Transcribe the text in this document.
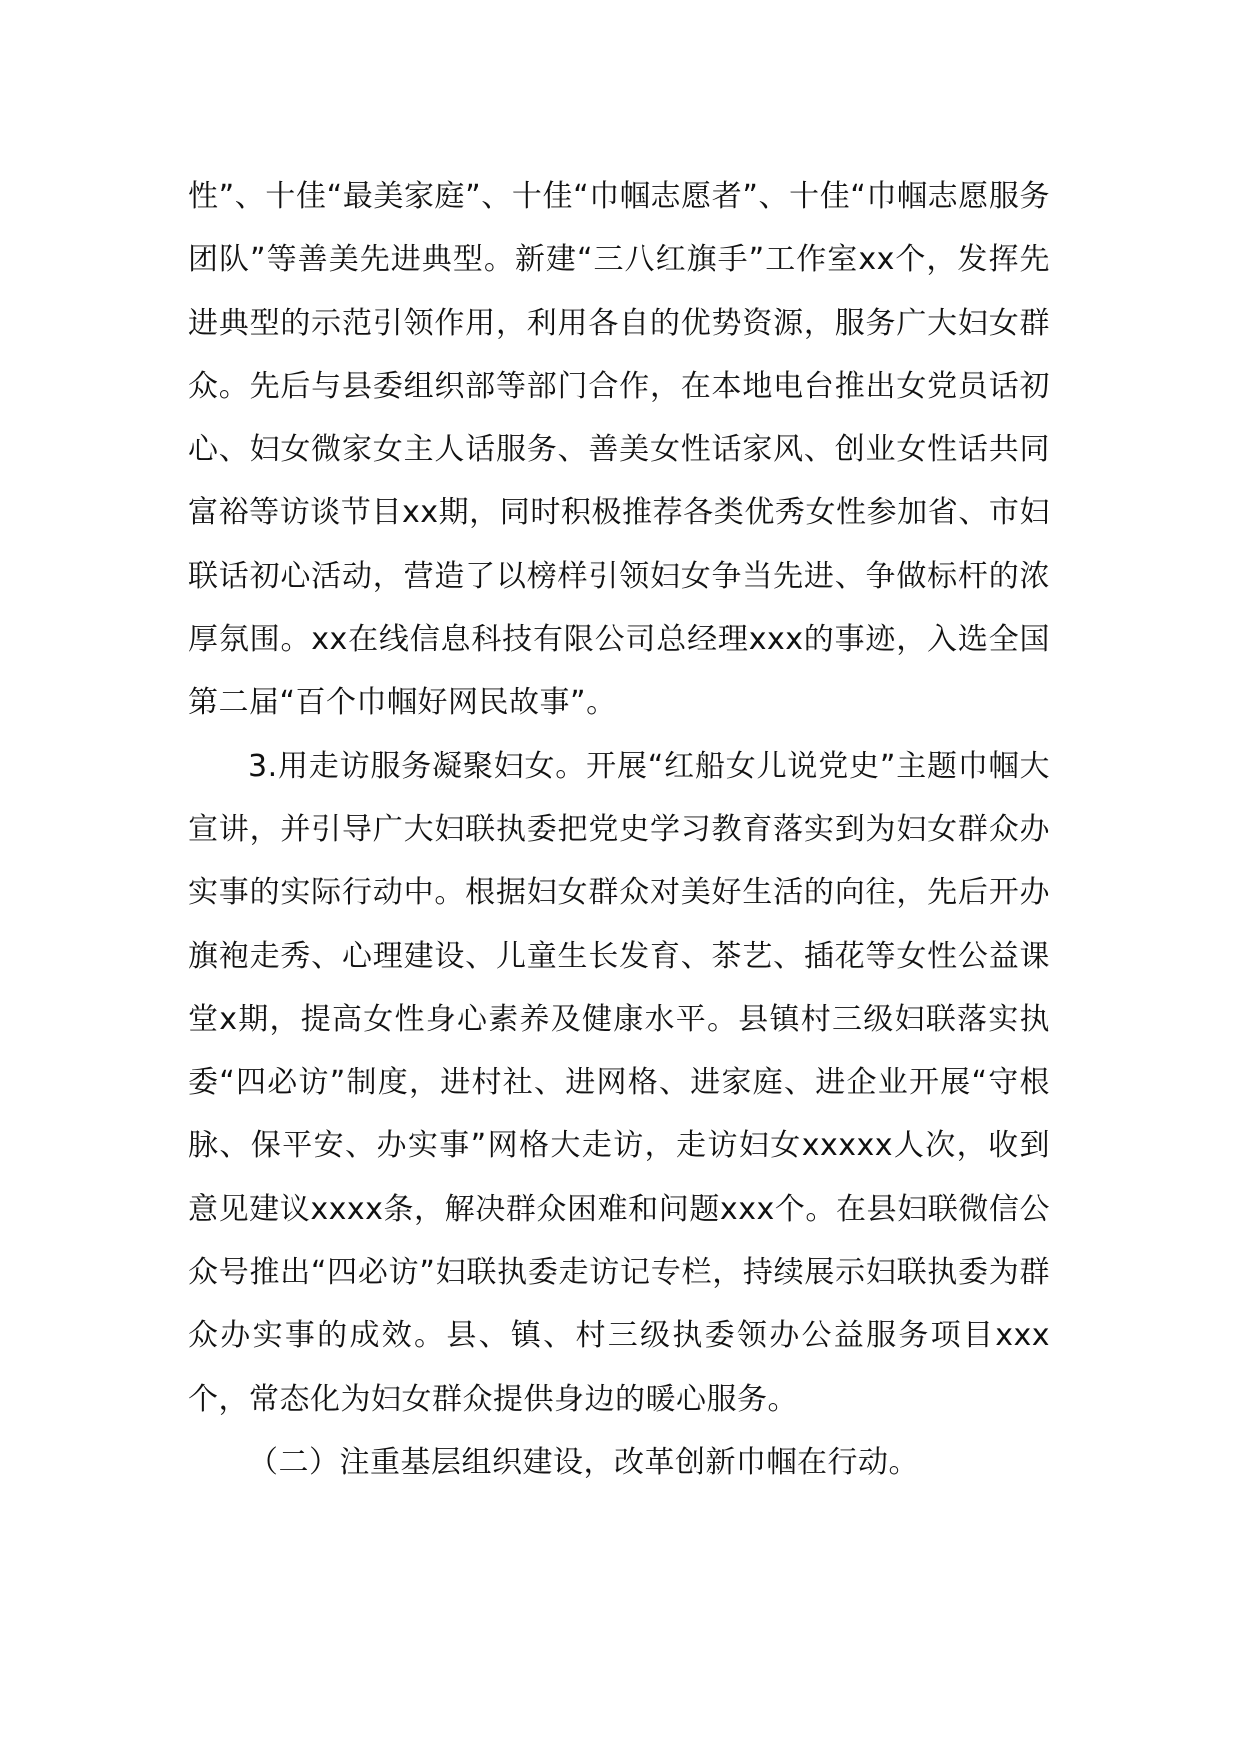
性”、十佳“最美家庭”、十佳“巾帼志愿者”、十佳“巾帼志愿服务团队”等善美先进典型。新建“三八红旗手”工作室xx个，发挥先进典型的示范引领作用，利用各自的优势资源，服务广大妇女群众。先后与县委组织部等部门合作，在本地电台推出女党员话初心、妇女微家女主人话服务、善美女性话家风、创业女性话共同富裕等访谈节目xx期，同时积极推荐各类优秀女性参加省、市妇联话初心活动，营造了以榜样引领妇女争当先进、争做标杆的浓厚氛围。xx在线信息科技有限公司总经理xxx的事迹，入选全国第二届“百个巾帼好网民故事”。

3.用走访服务凝聚妇女。开展“红船女儿说党史”主题巾帼大宣讲，并引导广大妇联执委把党史学习教育落实到为妇女群众办实事的实际行动中。根据妇女群众对美好生活的向往，先后开办旗袍走秀、心理建设、儿童生长发育、茶艺、插花等女性公益课堂x期，提高女性身心素养及健康水平。县镇村三级妇联落实执委“四必访”制度，进村社、进网格、进家庭、进企业开展“守根脉、保平安、办实事”网格大走访，走访妇女xxxxx人次，收到意见建议xxxx条，解决群众困难和问题xxx个。在县妇联微信公众号推出“四必访”妇联执委走访记专栏，持续展示妇联执委为群众办实事的成效。县、镇、村三级执委领办公益服务项目xxx个，常态化为妇女群众提供身边的暖心服务。

（二）注重基层组织建设，改革创新巾帼在行动。
